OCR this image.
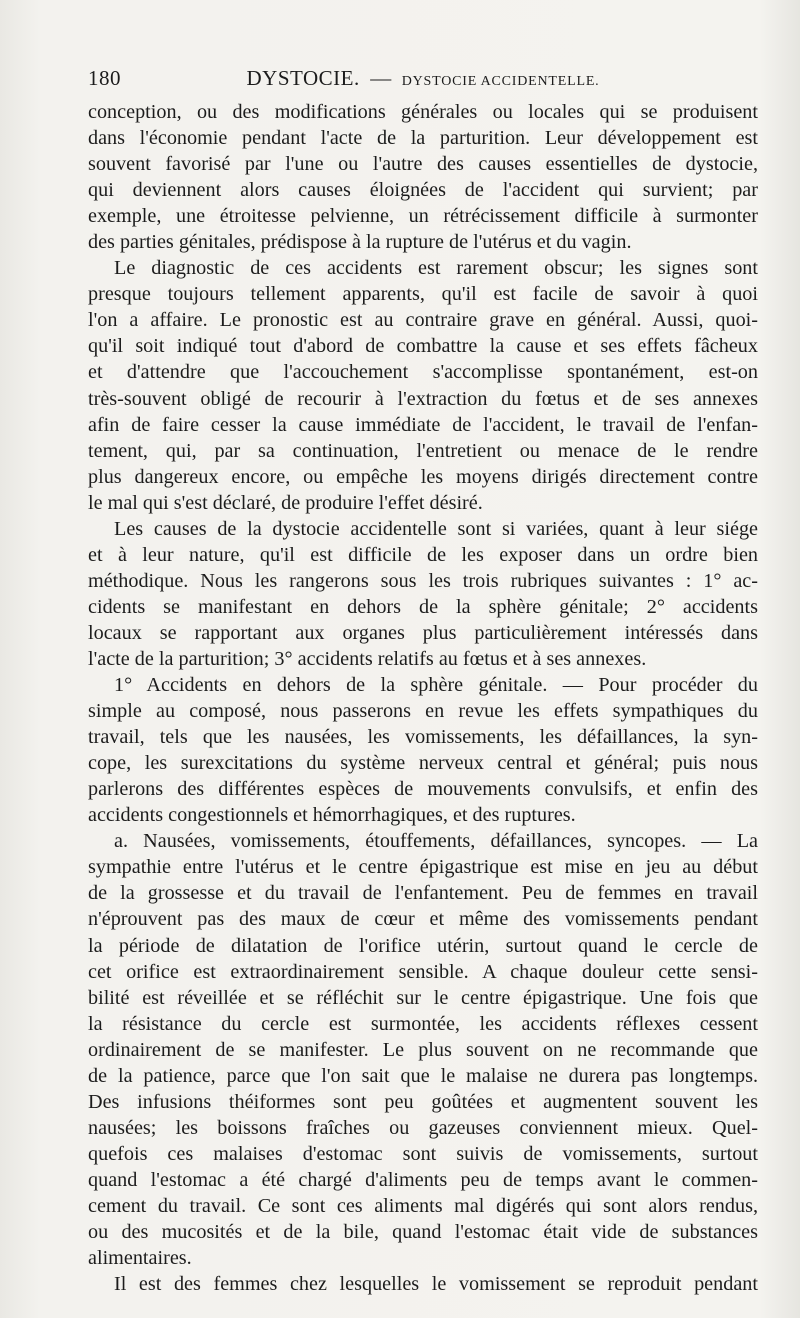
180	DYSTOCIE. — DYSTOCIE ACCIDENTELLE.
conception, ou des modifications générales ou locales qui se produisent
dans l'économie pendant l'acte de la parturition. Leur développement est
souvent favorisé par l'une ou l'autre des causes essentielles de dystocie,
qui deviennent alors causes éloignées de l'accident qui survient; par
exemple, une étroitesse pelvienne, un rétrécissement difficile à surmonter
des parties génitales, prédispose à la rupture de l'utérus et du vagin.
Le diagnostic de ces accidents est rarement obscur; les signes sont
presque toujours tellement apparents, qu'il est facile de savoir à quoi
l'on a affaire. Le pronostic est au contraire grave en général. Aussi, quoi-
qu'il soit indiqué tout d'abord de combattre la cause et ses effets fâcheux
et d'attendre que l'accouchement s'accomplisse spontanément, est-on
très-souvent obligé de recourir à l'extraction du fœtus et de ses annexes
afin de faire cesser la cause immédiate de l'accident, le travail de l'enfan-
tement, qui, par sa continuation, l'entretient ou menace de le rendre
plus dangereux encore, ou empêche les moyens dirigés directement contre
le mal qui s'est déclaré, de produire l'effet désiré.
Les causes de la dystocie accidentelle sont si variées, quant à leur siége
et à leur nature, qu'il est difficile de les exposer dans un ordre bien
méthodique. Nous les rangerons sous les trois rubriques suivantes : 1° ac-
cidents se manifestant en dehors de la sphère génitale; 2° accidents
locaux se rapportant aux organes plus particulièrement intéressés dans
l'acte de la parturition; 3° accidents relatifs au fœtus et à ses annexes.
1° Accidents en dehors de la sphère génitale. — Pour procéder du
simple au composé, nous passerons en revue les effets sympathiques du
travail, tels que les nausées, les vomissements, les défaillances, la syn-
cope, les surexcitations du système nerveux central et général; puis nous
parlerons des différentes espèces de mouvements convulsifs, et enfin des
accidents congestionnels et hémorrhagiques, et des ruptures.
a. Nausées, vomissements, étouffements, défaillances, syncopes. — La
sympathie entre l'utérus et le centre épigastrique est mise en jeu au début
de la grossesse et du travail de l'enfantement. Peu de femmes en travail
n'éprouvent pas des maux de cœur et même des vomissements pendant
la période de dilatation de l'orifice utérin, surtout quand le cercle de
cet orifice est extraordinairement sensible. A chaque douleur cette sensi-
bilité est réveillée et se réfléchit sur le centre épigastrique. Une fois que
la résistance du cercle est surmontée, les accidents réflexes cessent
ordinairement de se manifester. Le plus souvent on ne recommande que
de la patience, parce que l'on sait que le malaise ne durera pas longtemps.
Des infusions théiformes sont peu goûtées et augmentent souvent les
nausées; les boissons fraîches ou gazeuses conviennent mieux. Quel-
quefois ces malaises d'estomac sont suivis de vomissements, surtout
quand l'estomac a été chargé d'aliments peu de temps avant le commen-
cement du travail. Ce sont ces aliments mal digérés qui sont alors rendus,
ou des mucosités et de la bile, quand l'estomac était vide de substances
alimentaires.
Il est des femmes chez lesquelles le vomissement se reproduit pendant
